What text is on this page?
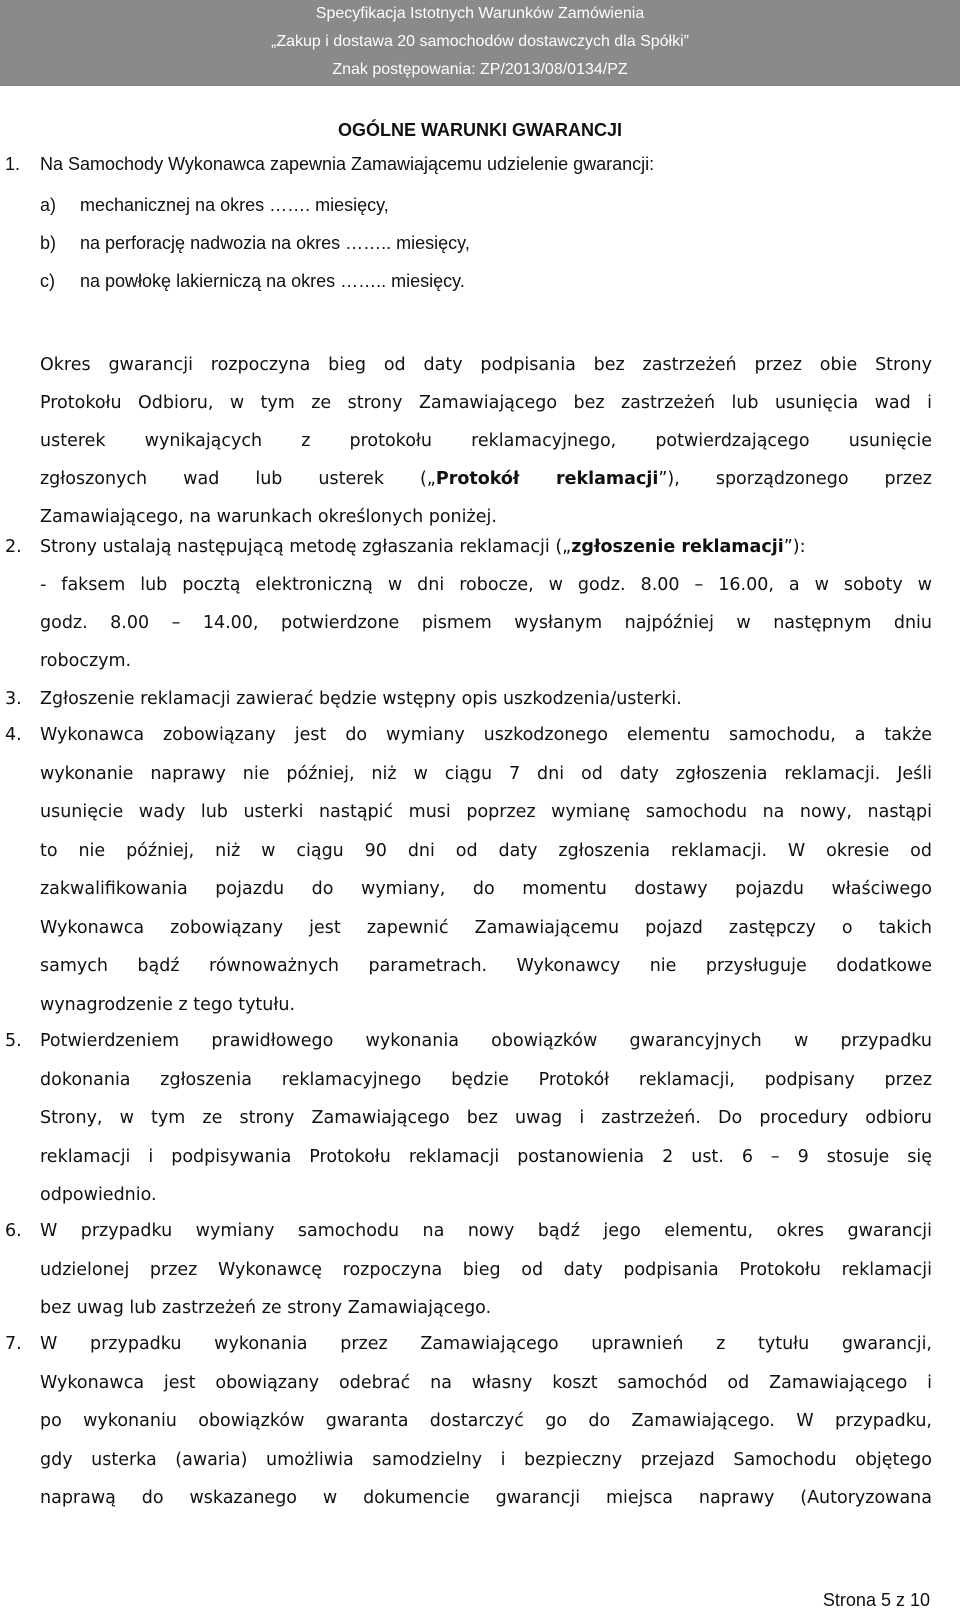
Specyfikacja Istotnych Warunków Zamówienia
„Zakup i dostawa 20 samochodów dostawczych dla Spółki”
Znak postępowania: ZP/2013/08/0134/PZ
OGÓLNE WARUNKI GWARANCJI
1. Na Samochody Wykonawca zapewnia Zamawiającemu udzielenie gwarancji:
a) mechanicznej na okres ……. miesięcy,
b) na perforację nadwozia na okres …….. miesięcy,
c) na powłokę lakierniczą na okres …….. miesięcy.
Okres gwarancji rozpoczyna bieg od daty podpisania bez zastrzeżeń przez obie Strony
Protokołu Odbioru, w tym ze strony Zamawiającego bez zastrzeżeń lub usunięcia wad i
usterek wynikających z protokołu reklamacyjnego, potwierdzającego usunięcie
zgłoszonych wad lub usterek („Protokół reklamacji”), sporządzonego przez
Zamawiającego, na warunkach określonych poniżej.
2. Strony ustalają następującą metodę zgłaszania reklamacji („zgłoszenie reklamacji”):
- faksem lub pocztą elektroniczną w dni robocze, w godz. 8.00 – 16.00, a w soboty w
godz. 8.00 – 14.00, potwierdzone pismem wysłanym najpóźniej w następnym dniu
roboczym.
3. Zgłoszenie reklamacji zawierać będzie wstępny opis uszkodzenia/usterki.
4. Wykonawca zobowiązany jest do wymiany uszkodzonego elementu samochodu, a także
wykonanie naprawy nie później, niż w ciągu 7 dni od daty zgłoszenia reklamacji. Jeśli
usunięcie wady lub usterki nastąpić musi poprzez wymianę samochodu na nowy, nastąpi
to nie później, niż w ciągu 90 dni od daty zgłoszenia reklamacji. W okresie od
zakwalifikowania pojazdu do wymiany, do momentu dostawy pojazdu właściwego
Wykonawca zobowiązany jest zapewnić Zamawiającemu pojazd zastępczy o takich
samych bądź równoważnych parametrach. Wykonawcy nie przysługuje dodatkowe
wynagrodzenie z tego tytułu.
5. Potwierdzeniem prawidłowego wykonania obowiązków gwarancyjnych w przypadku
dokonania zgłoszenia reklamacyjnego będzie Protokół reklamacji, podpisany przez
Strony, w tym ze strony Zamawiającego bez uwag i zastrzeżeń. Do procedury odbioru
reklamacji i podpisywania Protokołu reklamacji postanowienia 2 ust. 6 – 9 stosuje się
odpowiednio.
6. W przypadku wymiany samochodu na nowy bądź jego elementu, okres gwarancji
udzielonej przez Wykonawcę rozpoczyna bieg od daty podpisania Protokołu reklamacji
bez uwag lub zastrzeżeń ze strony Zamawiającego.
7. W przypadku wykonania przez Zamawiającego uprawnień z tytułu gwarancji,
Wykonawca jest obowiązany odebrać na własny koszt samochód od Zamawiającego i
po wykonaniu obowiązków gwaranta dostarczyć go do Zamawiającego. W przypadku,
gdy usterka (awaria) umożliwia samodzielny i bezpieczny przejazd Samochodu objętego
naprawą do wskazanego w dokumencie gwarancji miejsca naprawy (Autoryzowana
Strona 5 z 10
